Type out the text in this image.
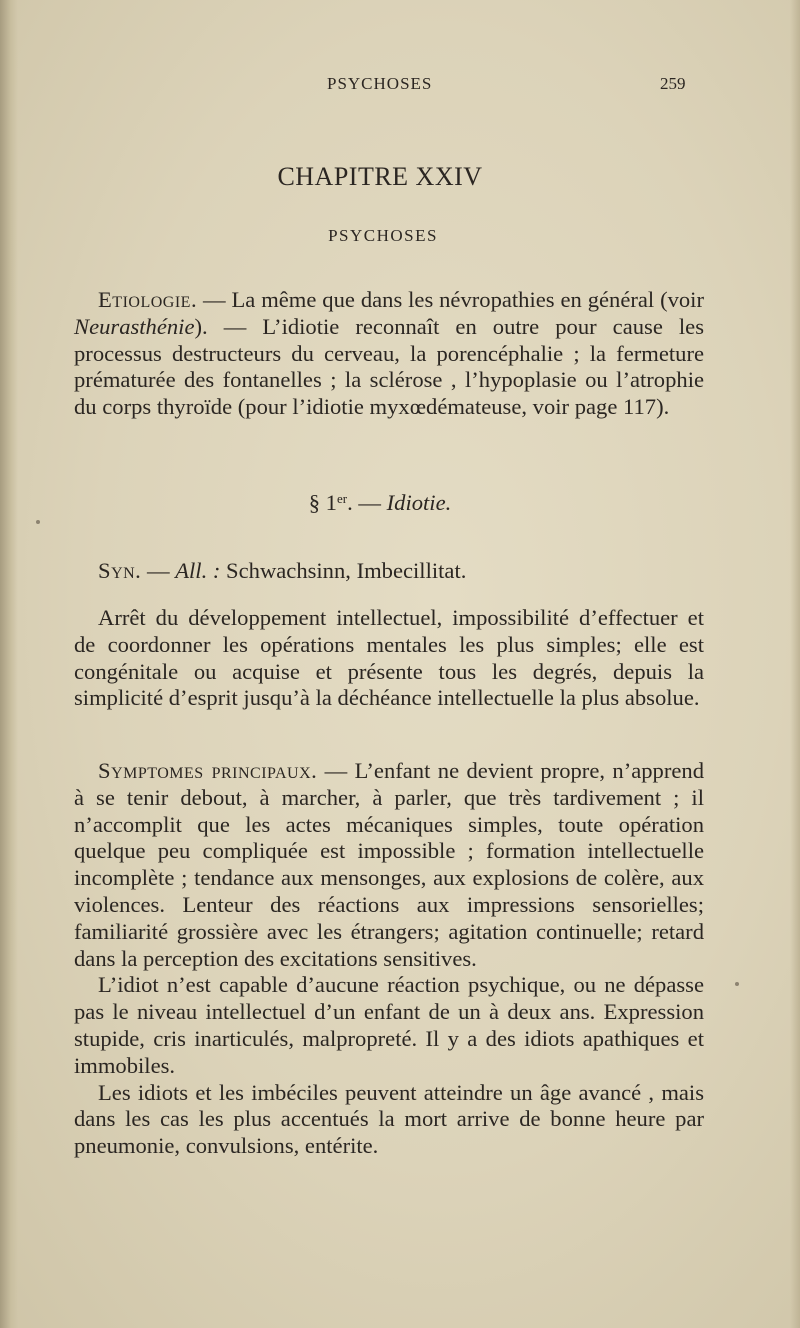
PSYCHOSES	259
CHAPITRE XXIV
PSYCHOSES

Etiologie. — La même que dans les névropathies en général (voir Neurasthénie). — L’idiotie reconnaît en outre pour cause les processus destructeurs du cerveau, la porencéphalie ; la fermeture prématurée des fontanelles ; la sclérose , l’hypoplasie ou l’atrophie du corps thyroïde (pour l’idiotie myxœdémateuse, voir page 117).

§ 1er. — Idiotie.

Syn. — All. : Schwachsinn, Imbecillitat.

Arrêt du développement intellectuel, impossibilité d’effectuer et de coordonner les opérations mentales les plus simples; elle est congénitale ou acquise et présente tous les degrés, depuis la simplicité d’esprit jusqu’à la déchéance intellectuelle la plus absolue.

Symptomes principaux. — L’enfant ne devient propre, n’apprend à se tenir debout, à marcher, à parler, que très tardivement ; il n’accomplit que les actes mécaniques simples, toute opération quelque peu compliquée est impossible ; formation intellectuelle incomplète ; tendance aux mensonges, aux explosions de colère, aux violences. Lenteur des réactions aux impressions sensorielles; familiarité grossière avec les étrangers; agitation continuelle; retard dans la perception des excitations sensitives.

L’idiot n’est capable d’aucune réaction psychique, ou ne dépasse pas le niveau intellectuel d’un enfant de un à deux ans. Expression stupide, cris inarticulés, malpropreté. Il y a des idiots apathiques et immobiles.

Les idiots et les imbéciles peuvent atteindre un âge avancé , mais dans les cas les plus accentués la mort arrive de bonne heure par pneumonie, convulsions, entérite.
